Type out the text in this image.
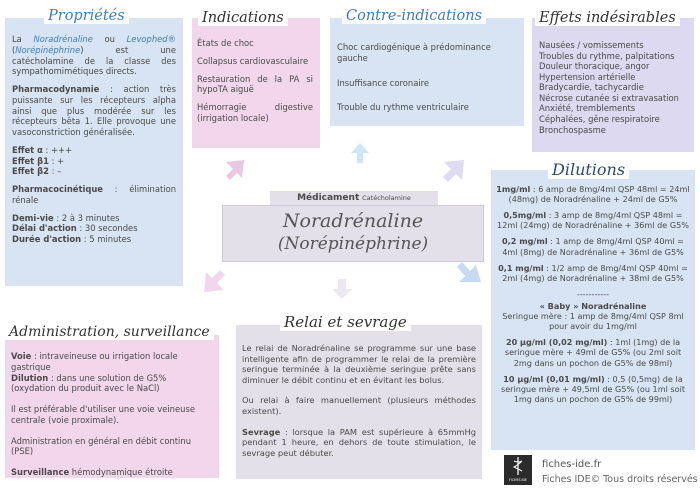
La Noradrénaline ou Levophed® (Norépinéphrine) est une catécholamine de la classe des sympathomimétiques directs.

Pharmacodynamie : action très puissante sur les récepteurs alpha ainsi que plus modérée sur les récepteurs bêta 1. Elle provoque une vasoconstriction généralisée.

Effet α : +++
Effet β1 : +
Effet β2 : –

Pharmacocinétique : élimination rénale

Demi-vie : 2 à 3 minutes
Délai d'action : 30 secondes
Durée d'action : 5 minutes

Propriétés

États de choc

Collapsus cardiovasculaire

Restauration de la PA si hypoTA aiguë

Hémorragie digestive (irrigation locale)

Indications

Choc cardiogénique à prédominance gauche

Insuffisance coronaire

Trouble du rythme ventriculaire

Contre-indications
Nausées / vomissements
Troubles du rythme, palpitations
Douleur thoracique, angor
Hypertension artérielle
Bradycardie, tachycardie
Nécrose cutanée si extravasation
Anxiété, tremblements
Céphalées, gêne respiratoire
Bronchospasme
Effets indésirables

1mg/ml : 6 amp de 8mg/4ml QSP 48ml = 24ml (48mg) de Noradrénaline + 24ml de G5%

0,5mg/ml : 3 amp de 8mg/4ml QSP 48ml = 12ml (24mg) de Noradrénaline + 36ml de G5%

0,2 mg/ml : 1 amp de 8mg/4ml QSP 40ml = 4ml (8mg) de Noradrénaline + 36ml de G5%

0,1 mg/ml : 1/2 amp de 8mg/4ml QSP 40ml = 2ml (4mg) de Noradrénaline + 38ml de G5%

-----------

« Baby » Noradrénaline
Seringue mère : 1 amp de 8mg/4ml QSP 8ml pour avoir du 1mg/ml

20 µg/ml (0,02 mg/ml) : 1ml (1mg) de la seringue mère + 49ml de G5% (ou 2ml soit 2mg dans un pochon de G5% de 98ml)

10 µg/ml (0,01 mg/ml) : 0,5 (0,5mg) de la seringue mère + 49,5ml de G5% (ou 1ml soit 1mg dans un pochon de G5% de 99ml)

Dilutions
Médicament Catécholamine
Noradrénaline
(Norépinéphrine)

Voie : intraveineuse ou irrigation locale gastrique
Dilution : dans une solution de G5% (oxydation du produit avec le NaCl)

Il est préférable d'utiliser une voie veineuse centrale (voie proximale).

Administration en général en débit continu (PSE)

Surveillance hémodynamique étroite

Administration, surveillance

Le relai de Noradrénaline se programme sur une base intelligente afin de programmer le relai de la première seringue terminée à la deuxième seringue prête sans diminuer le débit continu et en évitant les bolus.

Ou relai à faire manuellement (plusieurs méthodes existent).

Sevrage : lorsque la PAM est supérieure à 65mmHg pendant 1 heure, en dehors de toute stimulation, le sevrage peut débuter.

Relai et sevrage
FICHES IDE
fiches-ide.fr
Fiches IDE© Tous droits réservés
